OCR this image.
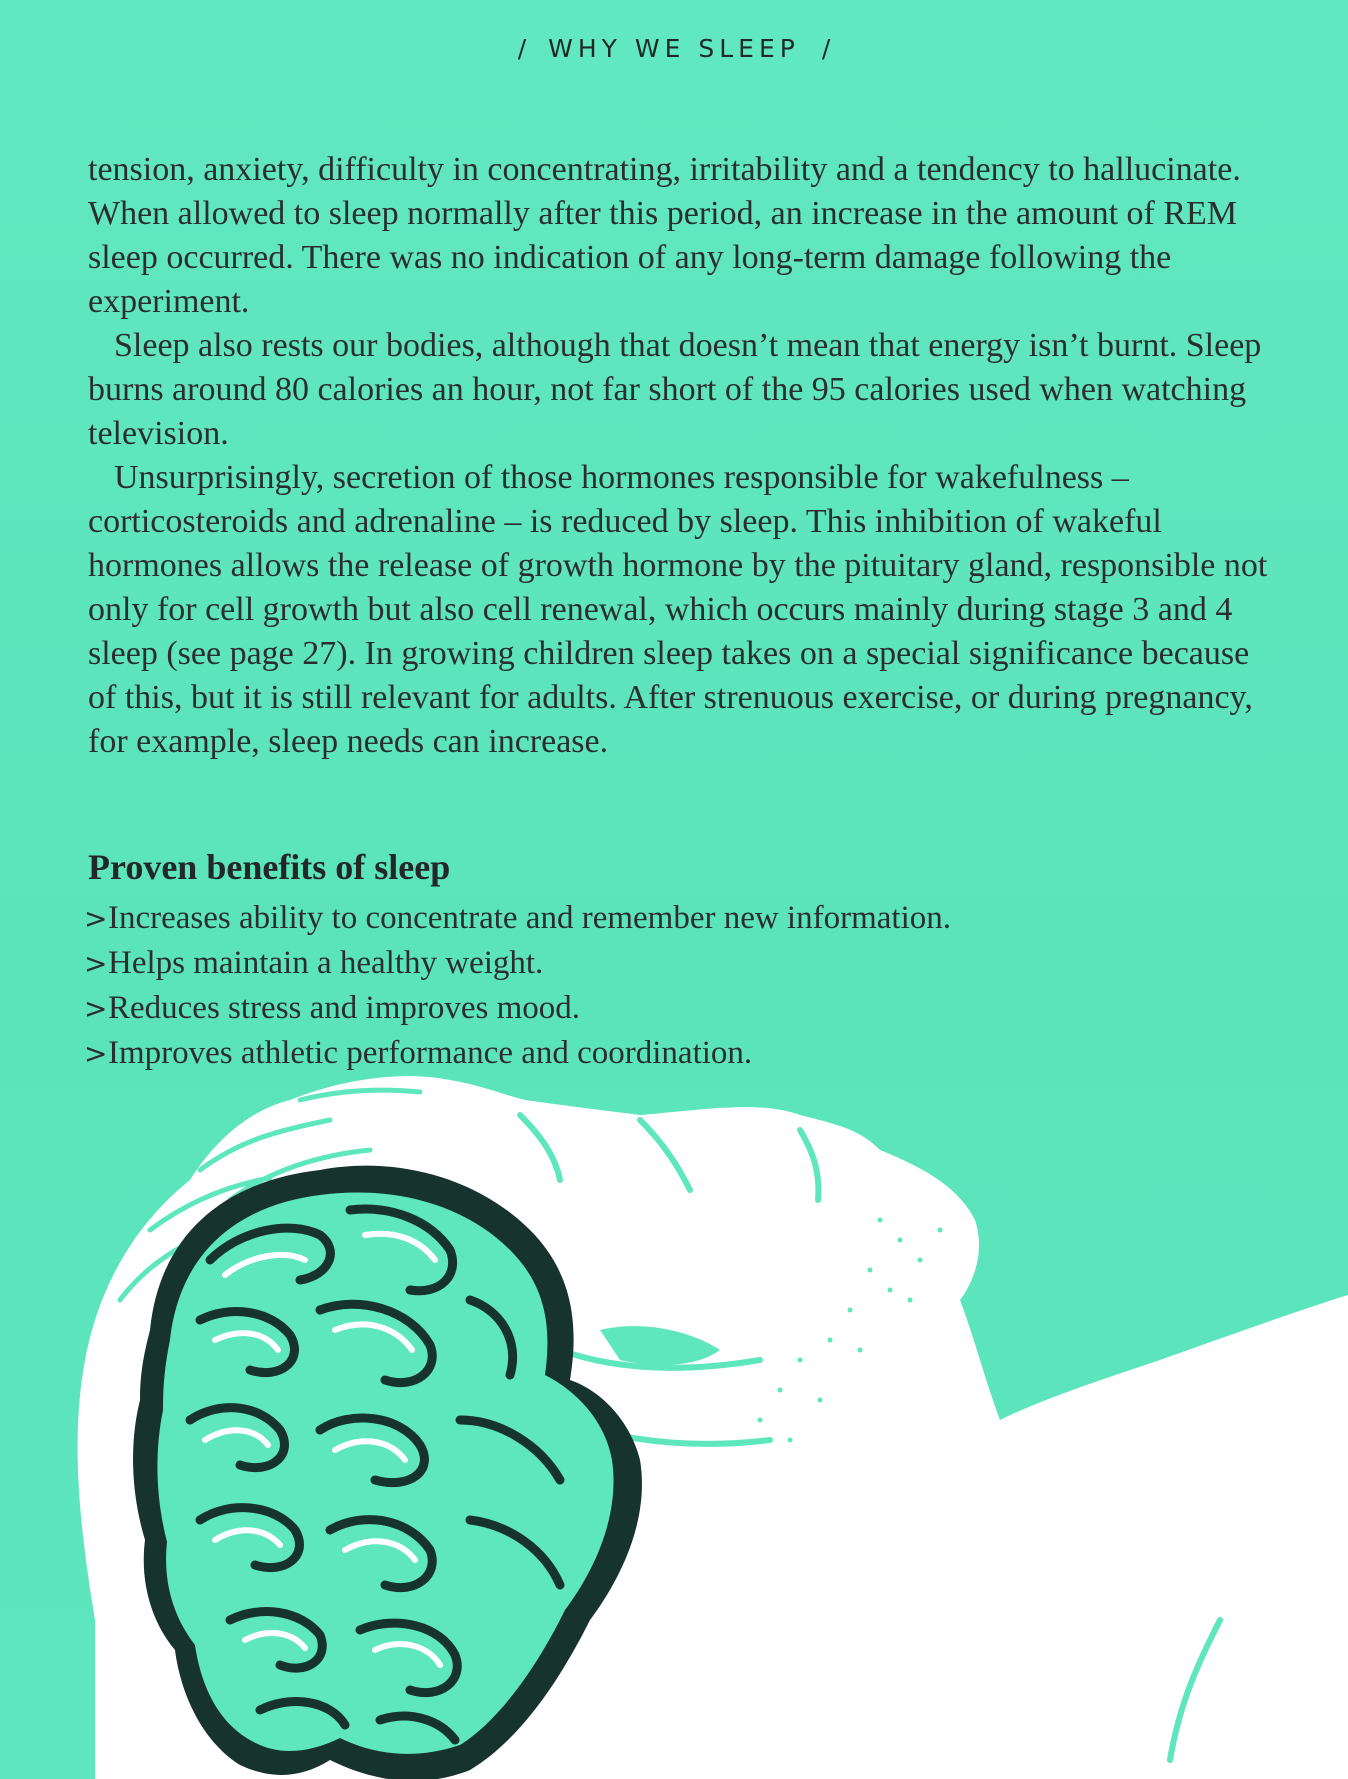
/ WHY WE SLEEP /

tension, anxiety, difficulty in concentrating, irritability and a tendency to hallucinate. When allowed to sleep normally after this period, an increase in the amount of REM sleep occurred. There was no indication of any long-term damage following the experiment.

Sleep also rests our bodies, although that doesn’t mean that energy isn’t burnt. Sleep burns around 80 calories an hour, not far short of the 95 calories used when watching television.

Unsurprisingly, secretion of those hormones responsible for wakefulness – corticosteroids and adrenaline – is reduced by sleep. This inhibition of wakeful hormones allows the release of growth hormone by the pituitary gland, responsible not only for cell growth but also cell renewal, which occurs mainly during stage 3 and 4 sleep (see page 27). In growing children sleep takes on a special significance because of this, but it is still relevant for adults. After strenuous exercise, or during pregnancy, for example, sleep needs can increase.

Proven benefits of sleep
> Increases ability to concentrate and remember new information.
> Helps maintain a healthy weight.
> Reduces stress and improves mood.
> Improves athletic performance and coordination.
